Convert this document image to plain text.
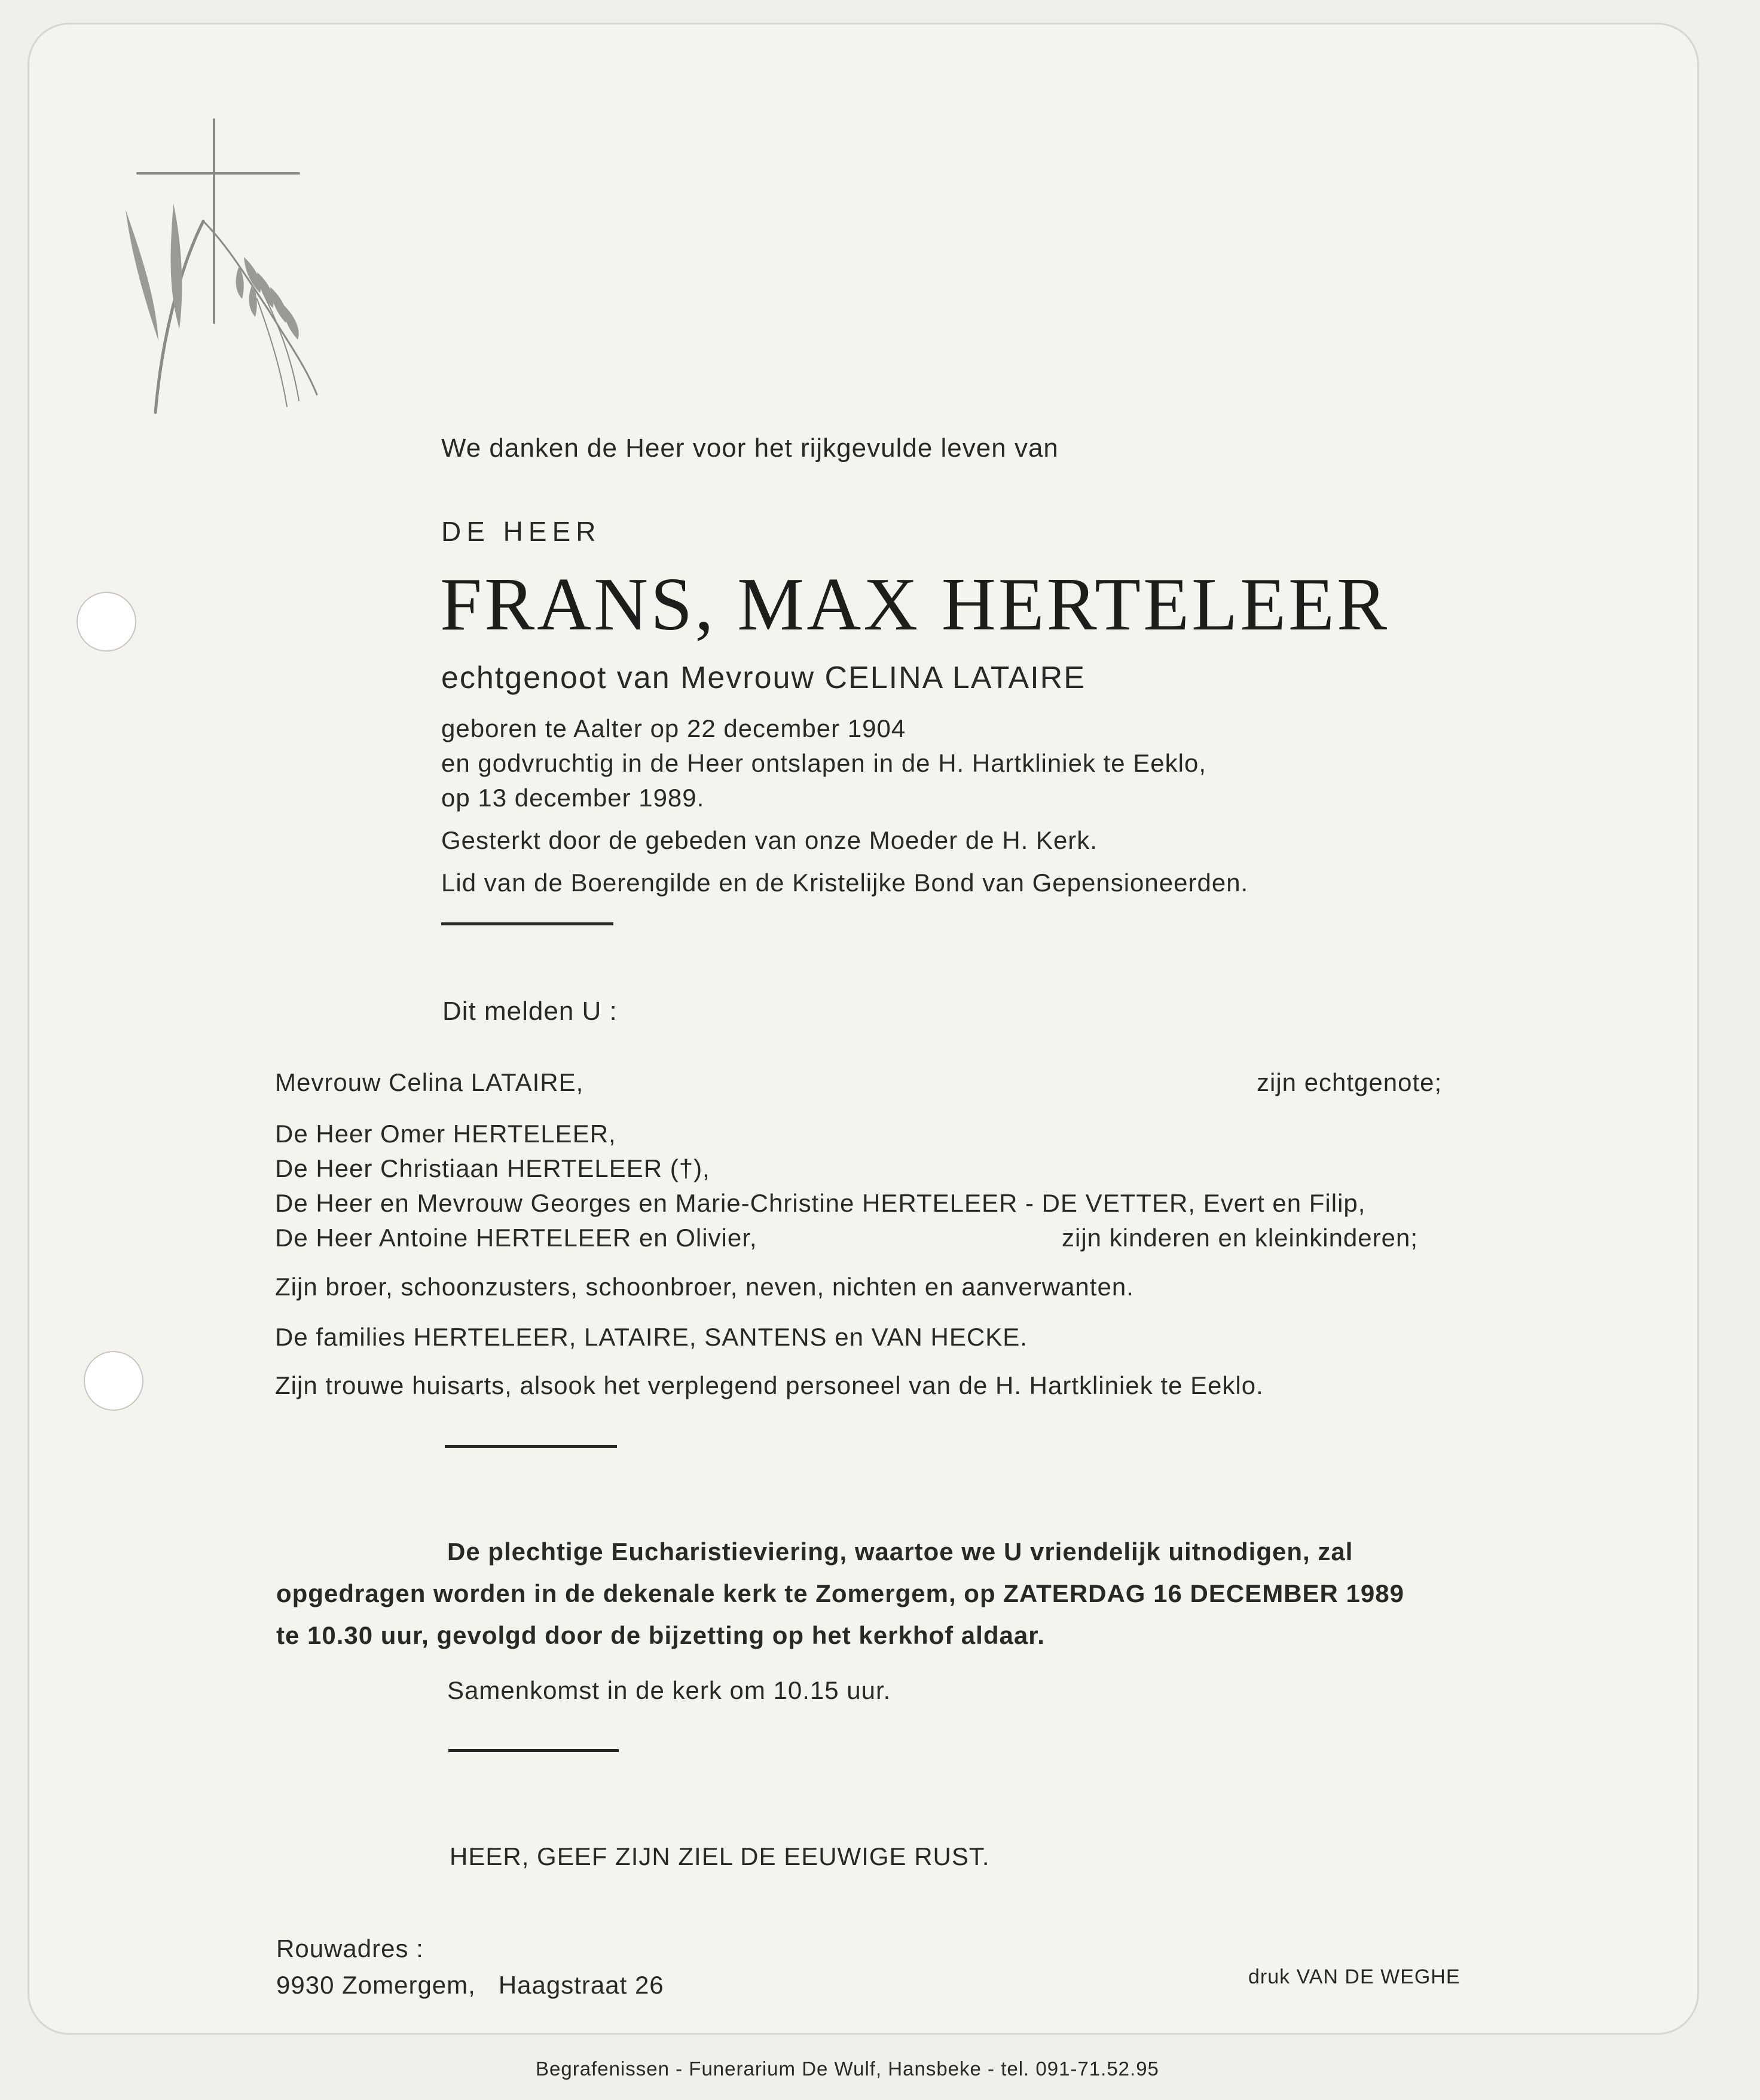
We danken de Heer voor het rijkgevulde leven van
DE HEER
FRANS, MAX HERTELEER
echtgenoot van Mevrouw CELINA LATAIRE
geboren te Aalter op 22 december 1904
en godvruchtig in de Heer ontslapen in de H. Hartkliniek te Eeklo,
op 13 december 1989.
Gesterkt door de gebeden van onze Moeder de H. Kerk.
Lid van de Boerengilde en de Kristelijke Bond van Gepensioneerden.
Dit melden U :
Mevrouw Celina LATAIRE,	zijn echtgenote;
De Heer Omer HERTELEER,
De Heer Christiaan HERTELEER (†),
De Heer en Mevrouw Georges en Marie-Christine HERTELEER - DE VETTER, Evert en Filip,
De Heer Antoine HERTELEER en Olivier,	zijn kinderen en kleinkinderen;
Zijn broer, schoonzusters, schoonbroer, neven, nichten en aanverwanten.
De families HERTELEER, LATAIRE, SANTENS en VAN HECKE.
Zijn trouwe huisarts, alsook het verplegend personeel van de H. Hartkliniek te Eeklo.
De plechtige Eucharistieviering, waartoe we U vriendelijk uitnodigen, zal
opgedragen worden in de dekenale kerk te Zomergem, op ZATERDAG 16 DECEMBER 1989
te 10.30 uur, gevolgd door de bijzetting op het kerkhof aldaar.
Samenkomst in de kerk om 10.15 uur.
HEER, GEEF ZIJN ZIEL DE EEUWIGE RUST.
Rouwadres :
9930 Zomergem,   Haagstraat 26	druk VAN DE WEGHE
Begrafenissen - Funerarium De Wulf, Hansbeke - tel. 091-71.52.95
